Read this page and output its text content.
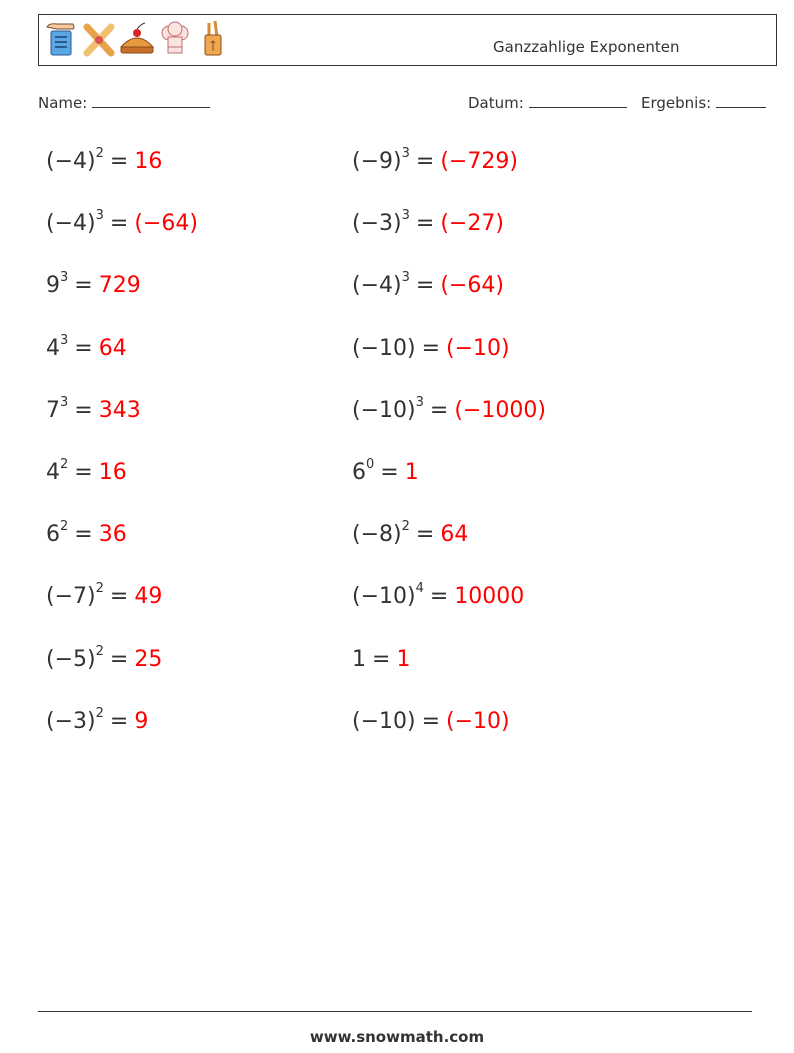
Ganzzahlige Exponenten
Name:	Datum:	Ergebnis:
$(-4)^2 = 16$
$(-4)^3 = (-64)$
$9^3 = 729$
$4^3 = 64$
$7^3 = 343$
$4^2 = 16$
$6^2 = 36$
$(-7)^2 = 49$
$(-5)^2 = 25$
$(-3)^2 = 9$
$(-9)^3 = (-729)$
$(-3)^3 = (-27)$
$(-4)^3 = (-64)$
(−10) = (−10)
$(-10)^3 = (-1000)$
$6^0 = 1$
$(-8)^2 = 64$
$(-10)^4 = 10000$
1 = 1
(−10) = (−10)
www.snowmath.com
